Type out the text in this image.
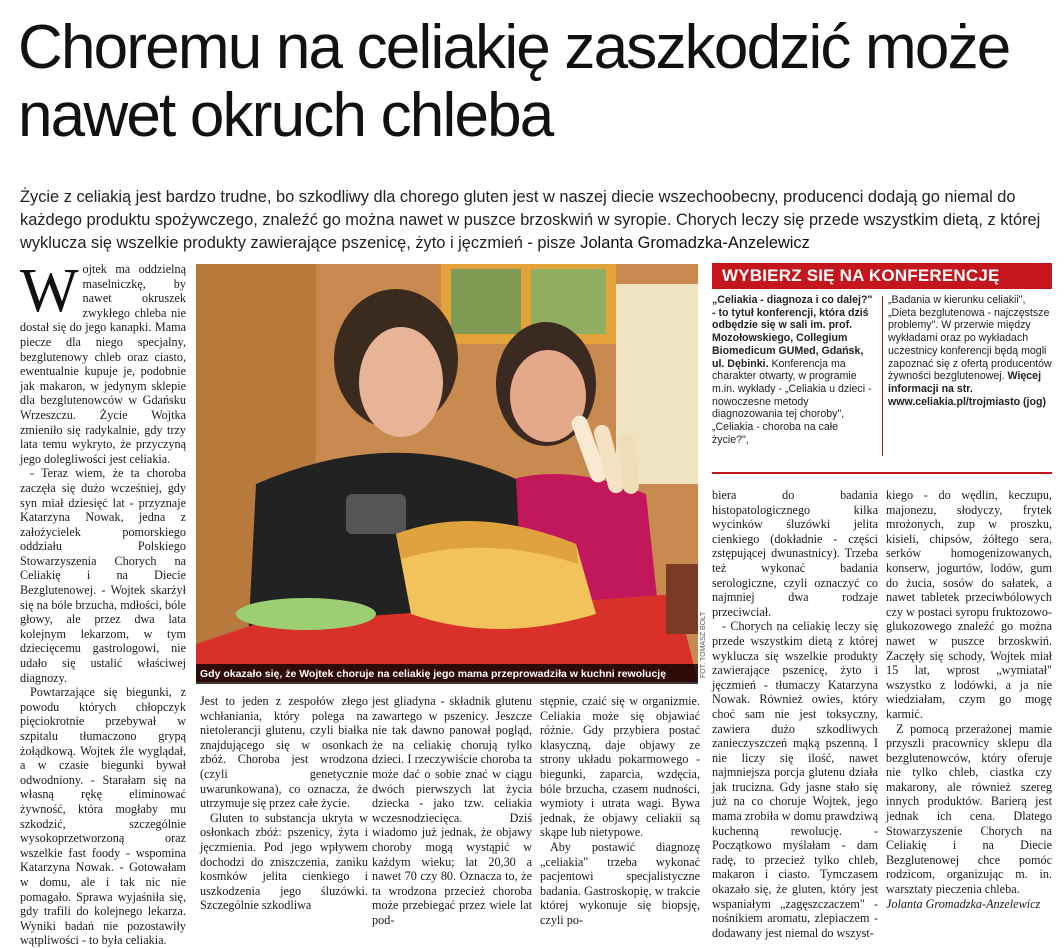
Choremu na celiakię zaszkodzić może nawet okruch chleba
Życie z celiakią jest bardzo trudne, bo szkodliwy dla chorego gluten jest w naszej diecie wszechoobecny, producenci dodają go niemal do każdego produktu spożywczego, znaleźć go można nawet w puszce brzoskwiń w syropie. Chorych leczy się przede wszystkim dietą, z której wyklucza się wszelkie produkty zawierające pszenicę, żyto i jęczmień - pisze Jolanta Gromadzka-Anzelewicz
W ojtek ma oddzielną maselniczkę, by nawet okruszek zwykłego chleba nie dostał się do jego kanapki. Mama piecze dla niego specjalny, bezglutenowy chleb oraz ciasto, ewentualnie kupuje je, podobnie jak makaron, w jedynym sklepie dla bezglutenowców w Gdańsku Wrzeszczu. Życie Wojtka zmieniło się radykalnie, gdy trzy lata temu wykryto, że przyczyną jego dolegliwości jest celiakia.

- Teraz wiem, że ta choroba zaczęła się dużo wcześniej, gdy syn miał dziesięć lat - przyznaje Katarzyna Nowak, jedna z założycielek pomorskiego oddziału Polskiego Stowarzyszenia Chorych na Celiakię i na Diecie Bezglutenowej. - Wojtek skarżył się na bóle brzucha, mdłości, bóle głowy, ale przez dwa lata kolejnym lekarzom, w tym dziecięcemu gastrologowi, nie udało się ustalić właściwej diagnozy.

Powtarzające się biegunki, z powodu których chłopczyk pięciokrotnie przebywał w szpitalu tłumaczono grypą żołądkową. Wojtek źle wyglądał, a w czasie biegunki bywał odwodniony. - Starałam się na własną rękę eliminować żywność, która mogłaby mu szkodzić, szczególnie wysokoprzetworzoną oraz wszelkie fast foody - wspomina Katarzyna Nowak. - Gotowałam w domu, ale i tak nic nie pomagało. Sprawa wyjaśniła się, gdy trafili do kolejnego lekarza. Wyniki badań nie pozostawiły wątpliwości - to była celiakia.

Gdy okazało się, że Wojtek choruje na celiakię jego mama przeprowadziła w kuchni rewolucję	FOT. TOMASZ BOŁT

Jest to jeden z zespołów złego wchłaniania, który polega na nietolerancji glutenu, czyli białka znajdującego się w osonkach zbóż. Choroba jest wrodzona (czyli genetycznie uwarunkowana), co oznacza, że utrzymuje się przez całe życie.

Gluten to substancja ukryta w osłonkach zbóż: pszenicy, żyta i jęczmienia. Pod jego wpływem dochodzi do zniszczenia, zaniku kosmków jelita cienkiego i uszkodzenia jego śluzówki. Szczególnie szkodliwa

jest gliadyna - składnik glutenu zawartego w pszenicy. Jeszcze nie tak dawno panował pogląd, że na celiakię chorują tylko dzieci. I rzeczywiście choroba ta może dać o sobie znać w ciągu dwóch pierwszych lat życia dziecka - jako tzw. celiakia wczesnodziecięca. Dziś wiadomo już jednak, że objawy choroby mogą wystąpić w każdym wieku; lat 20,30 a nawet 70 czy 80. Oznacza to, że ta wrodzona przecież choroba może przebiegać przez wiele lat pod-

stępnie, czaić się w organizmie. Celiakia może się objawiać różnie. Gdy przybiera postać klasyczną, daje objawy ze strony układu pokarmowego - biegunki, zaparcia, wzdęcia, bóle brzucha, czasem nudności, wymioty i utrata wagi. Bywa jednak, że objawy celiakii są skąpe lub nietypowe.

Aby postawić diagnozę „celiakia" trzeba wykonać pacjentowi specjalistyczne badania. Gastroskopię, w trakcie której wykonuje się biopsję, czyli po-

WYBIERZ SIĘ NA KONFERENCJĘ
„Celiakia - diagnoza i co dalej?" - to tytuł konferencji, która dziś odbędzie się w sali im. prof. Mozołowskiego, Collegium Biomedicum GUMed, Gdańsk, ul. Dębinki. Konferencja ma charakter otwarty, w programie m.in. wykłady - „Celiakia u dzieci - nowoczesne metody diagnozowania tej choroby", „Celiakia - choroba na całe życie?",
„Badania w kierunku celiakii", „Dieta bezglutenowa - najczęstsze problemy". W przerwie między wykładami oraz po wykładach uczestnicy konferencji będą mogli zapoznać się z ofertą producentów żywności bezglutenowej. Więcej informacji na str. www.celiakia.pl/trojmiasto (jog)

biera do badania histopatologicznego kilka wycinków śluzówki jelita cienkiego (dokładnie - części zstępującej dwunastnicy). Trzeba też wykonać badania serologiczne, czyli oznaczyć co najmniej dwa rodzaje przeciwciał.

- Chorych na celiakię leczy się przede wszystkim dietą z której wyklucza się wszelkie produkty zawierające pszenicę, żyto i jęczmień - tłumaczy Katarzyna Nowak. Również owies, który choć sam nie jest toksyczny, zawiera dużo szkodliwych zanieczyszczeń mąką pszenną. I nie liczy się ilość, nawet najmniejsza porcja glutenu działa jak trucizna. Gdy jasne stało się już na co choruje Wojtek, jego mama zrobiła w domu prawdziwą kuchenną rewolucję. - Początkowo myślałam - dam radę, to przecież tylko chleb, makaron i ciasto. Tymczasem okazało się, że gluten, który jest wspaniałym „zagęszczaczem" - nośnikiem aromatu, zlepiaczem - dodawany jest niemal do wszyst-

kiego - do wędlin, keczupu, majonezu, słodyczy, frytek mrożonych, zup w proszku, kisieli, chipsów, żółtego sera, serków homogenizowanych, konserw, jogurtów, lodów, gum do żucia, sosów do sałatek, a nawet tabletek przeciwbólowych czy w postaci syropu fruktozowo-glukozowego znaleźć go można nawet w puszce brzoskwiń. Zaczęły się schody, Wojtek miał 15 lat, wprost „wymiatał" wszystko z lodówki, a ja nie wiedziałam, czym go mogę karmić.

Z pomocą przerażonej mamie przyszli pracownicy sklepu dla bezglutenowców, który oferuje nie tylko chleb, ciastka czy makarony, ale również szereg innych produktów. Barierą jest jednak ich cena. Dlatego Stowarzyszenie Chorych na Celiakię i na Diecie Bezglutenowej chce pomóc rodzicom, organizując m. in. warsztaty pieczenia chleba.

Jolanta Gromadzka-Anzelewicz
